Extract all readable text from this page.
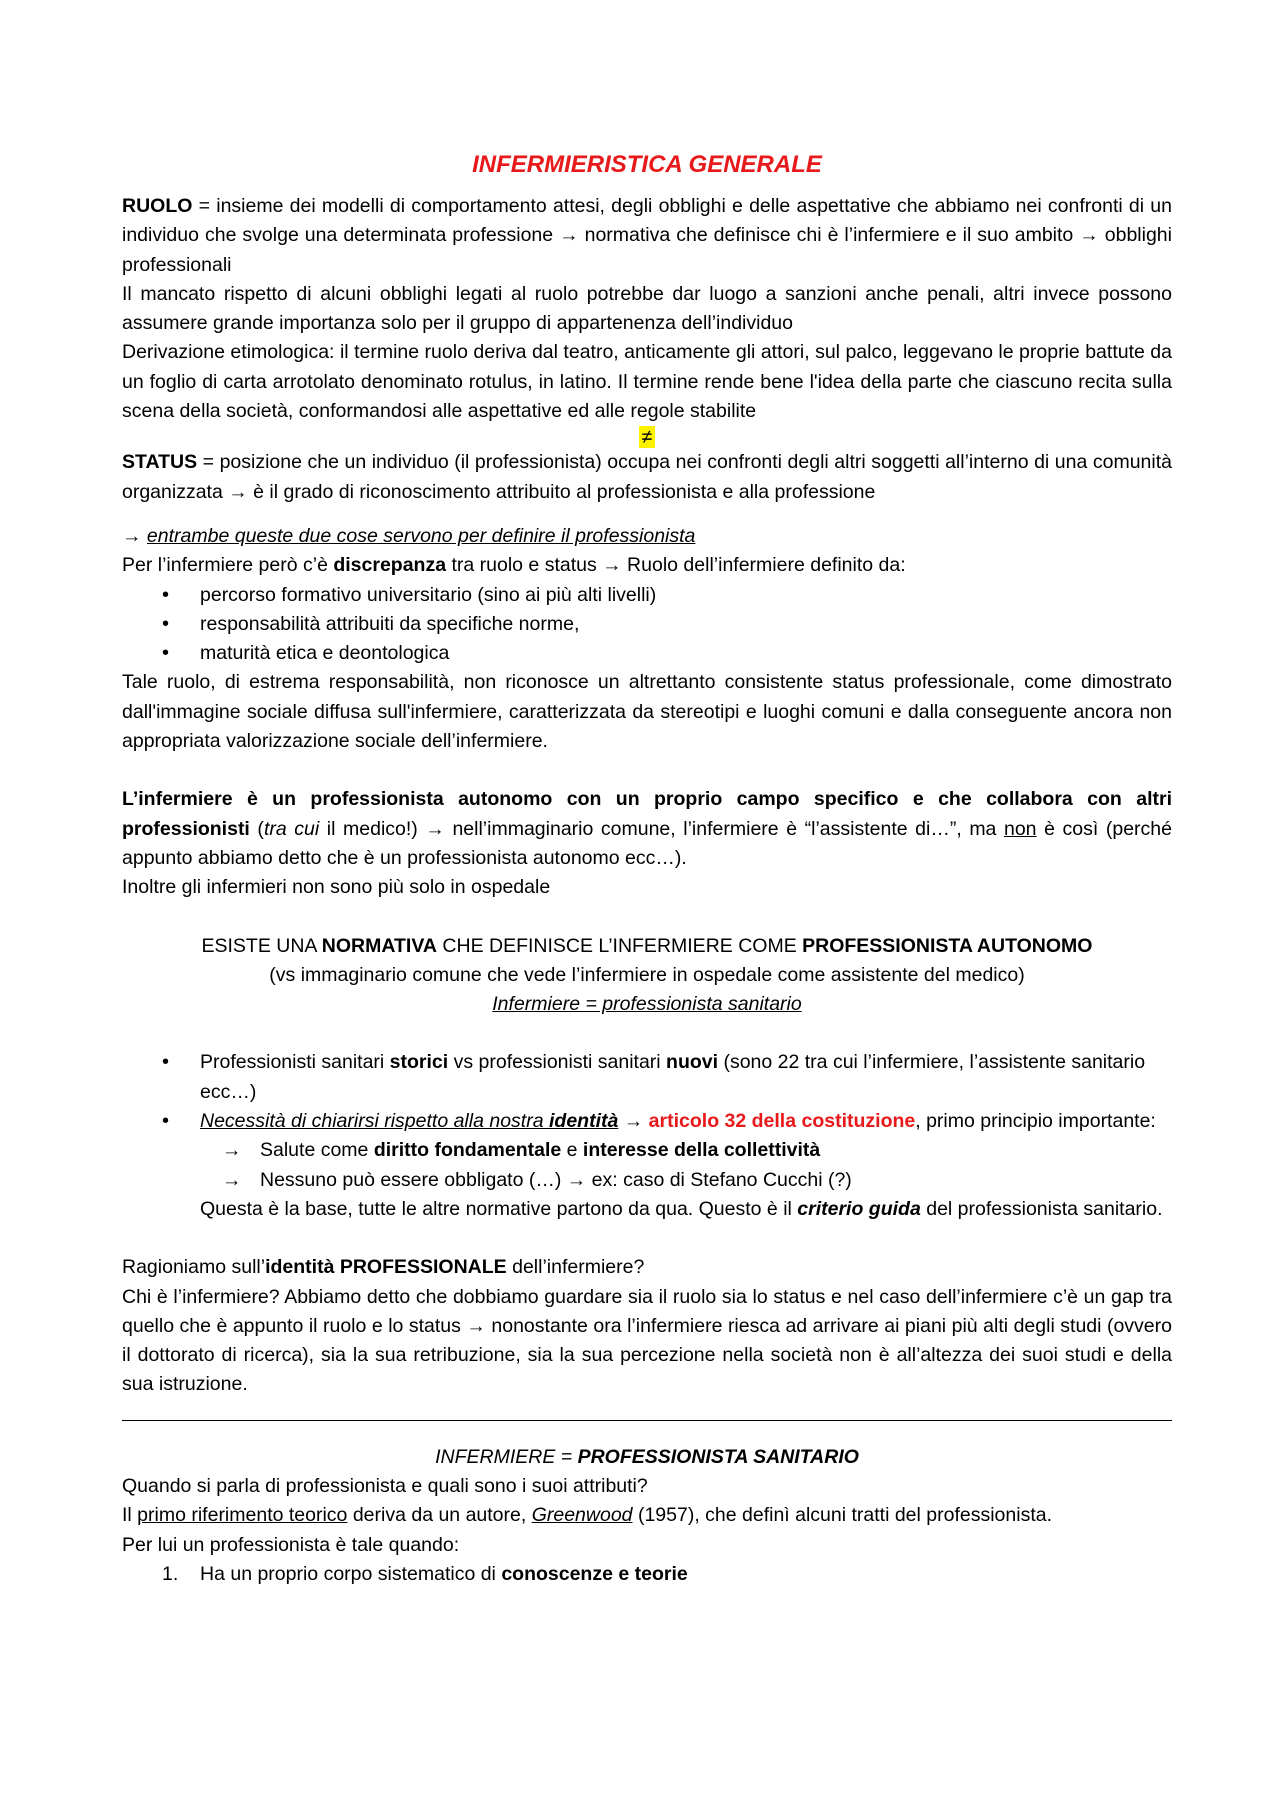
INFERMIERISTICA GENERALE

RUOLO = insieme dei modelli di comportamento attesi, degli obblighi e delle aspettative che abbiamo nei confronti di un individuo che svolge una determinata professione → normativa che definisce chi è l’infermiere e il suo ambito → obblighi professionali

Il mancato rispetto di alcuni obblighi legati al ruolo potrebbe dar luogo a sanzioni anche penali, altri invece possono assumere grande importanza solo per il gruppo di appartenenza dell’individuo

Derivazione etimologica: il termine ruolo deriva dal teatro, anticamente gli attori, sul palco, leggevano le proprie battute da un foglio di carta arrotolato denominato rotulus, in latino. Il termine rende bene l'idea della parte che ciascuno recita sulla scena della società, conformandosi alle aspettative ed alle regole stabilite

≠

STATUS = posizione che un individuo (il professionista) occupa nei confronti degli altri soggetti all’interno di una comunità organizzata → è il grado di riconoscimento attribuito al professionista e alla professione

→ entrambe queste due cose servono per definire il professionista

Per l’infermiere però c’è discrepanza tra ruolo e status → Ruolo dell’infermiere definito da:

• percorso formativo universitario (sino ai più alti livelli)
• responsabilità attribuiti da specifiche norme,
• maturità etica e deontologica

Tale ruolo, di estrema responsabilità, non riconosce un altrettanto consistente status professionale, come dimostrato dall'immagine sociale diffusa sull'infermiere, caratterizzata da stereotipi e luoghi comuni e dalla conseguente ancora non appropriata valorizzazione sociale dell’infermiere.

L’infermiere è un professionista autonomo con un proprio campo specifico e che collabora con altri professionisti (tra cui il medico!) → nell’immaginario comune, l’infermiere è “l’assistente di…”, ma non è così (perché appunto abbiamo detto che è un professionista autonomo ecc…).

Inoltre gli infermieri non sono più solo in ospedale

ESISTE UNA NORMATIVA CHE DEFINISCE L’INFERMIERE COME PROFESSIONISTA AUTONOMO

(vs immaginario comune che vede l’infermiere in ospedale come assistente del medico)

Infermiere = professionista sanitario

• Professionisti sanitari storici vs professionisti sanitari nuovi (sono 22 tra cui l’infermiere, l’assistente sanitario ecc…)
• Necessità di chiarirsi rispetto alla nostra identità → articolo 32 della costituzione, primo principio importante:
→ Salute come diritto fondamentale e interesse della collettività
→ Nessuno può essere obbligato (…) → ex: caso di Stefano Cucchi (?)

Questa è la base, tutte le altre normative partono da qua. Questo è il criterio guida del professionista sanitario.

Ragioniamo sull’identità PROFESSIONALE dell’infermiere?

Chi è l’infermiere? Abbiamo detto che dobbiamo guardare sia il ruolo sia lo status e nel caso dell’infermiere c’è un gap tra quello che è appunto il ruolo e lo status → nonostante ora l’infermiere riesca ad arrivare ai piani più alti degli studi (ovvero il dottorato di ricerca), sia la sua retribuzione, sia la sua percezione nella società non è all’altezza dei suoi studi e della sua istruzione.

INFERMIERE = PROFESSIONISTA SANITARIO

Quando si parla di professionista e quali sono i suoi attributi?

Il primo riferimento teorico deriva da un autore, Greenwood (1957), che definì alcuni tratti del professionista.

Per lui un professionista è tale quando:

1. Ha un proprio corpo sistematico di conoscenze e teorie
